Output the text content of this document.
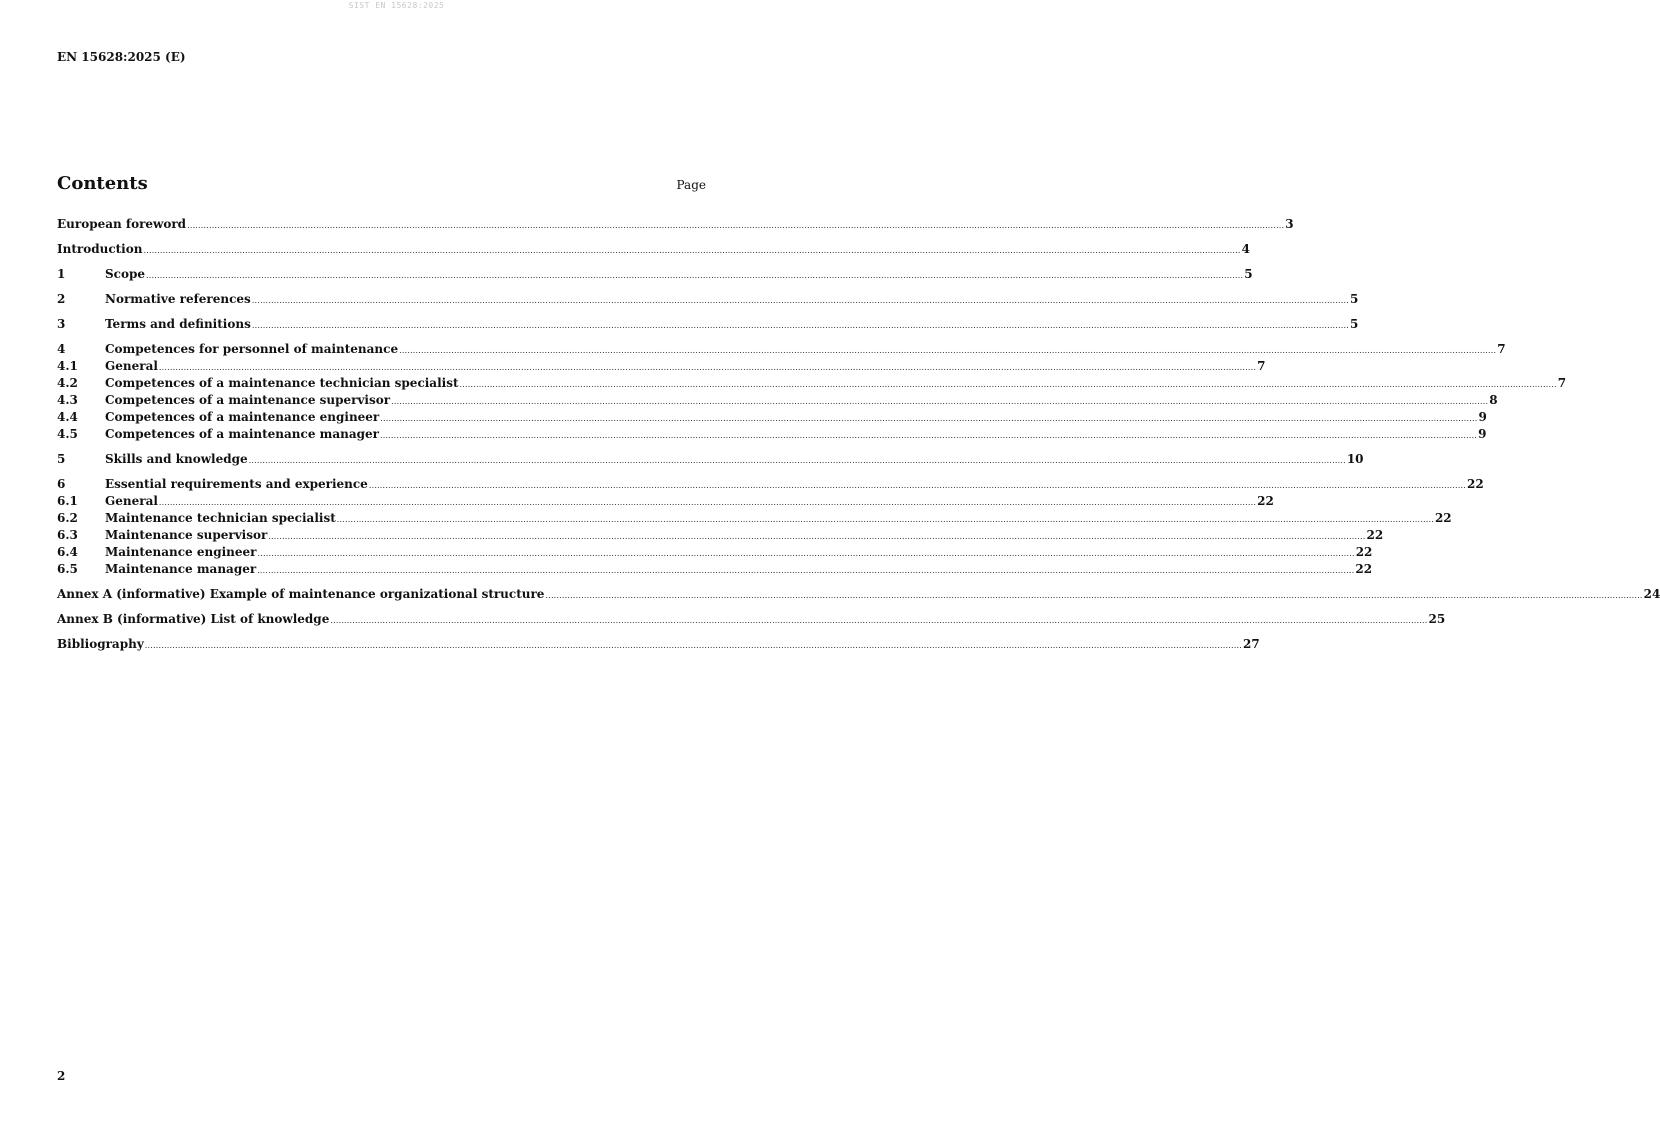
SIST EN 15628:2025
EN 15628:2025 (E)
Contents	Page
European foreword ................................................................................................................................................................................................................................................................................................................................................................................................................ 3
Introduction ................................................................................................................................................................................................................................................................................................................................................................................................................ 4
1	Scope ................................................................................................................................................................................................................................................................................................................................................................................................................ 5
2	Normative references ................................................................................................................................................................................................................................................................................................................................................................................................................ 5
3	Terms and definitions ................................................................................................................................................................................................................................................................................................................................................................................................................ 5
4	Competences for personnel of maintenance ................................................................................................................................................................................................................................................................................................................................................................................................................ 7
4.1	General ................................................................................................................................................................................................................................................................................................................................................................................................................ 7
4.2	Competences of a maintenance technician specialist ................................................................................................................................................................................................................................................................................................................................................................................................................ 7
4.3	Competences of a maintenance supervisor ................................................................................................................................................................................................................................................................................................................................................................................................................ 8
4.4	Competences of a maintenance engineer ................................................................................................................................................................................................................................................................................................................................................................................................................ 9
4.5	Competences of a maintenance manager ................................................................................................................................................................................................................................................................................................................................................................................................................ 9
5	Skills and knowledge ................................................................................................................................................................................................................................................................................................................................................................................................................ 10
6	Essential requirements and experience ................................................................................................................................................................................................................................................................................................................................................................................................................ 22
6.1	General ................................................................................................................................................................................................................................................................................................................................................................................................................ 22
6.2	Maintenance technician specialist ................................................................................................................................................................................................................................................................................................................................................................................................................ 22
6.3	Maintenance supervisor ................................................................................................................................................................................................................................................................................................................................................................................................................ 22
6.4	Maintenance engineer ................................................................................................................................................................................................................................................................................................................................................................................................................ 22
6.5	Maintenance manager ................................................................................................................................................................................................................................................................................................................................................................................................................ 22
Annex A (informative) Example of maintenance organizational structure ................................................................................................................................................................................................................................................................................................................................................................................................................ 24
Annex B (informative) List of knowledge ................................................................................................................................................................................................................................................................................................................................................................................................................ 25
Bibliography ................................................................................................................................................................................................................................................................................................................................................................................................................ 27
2
